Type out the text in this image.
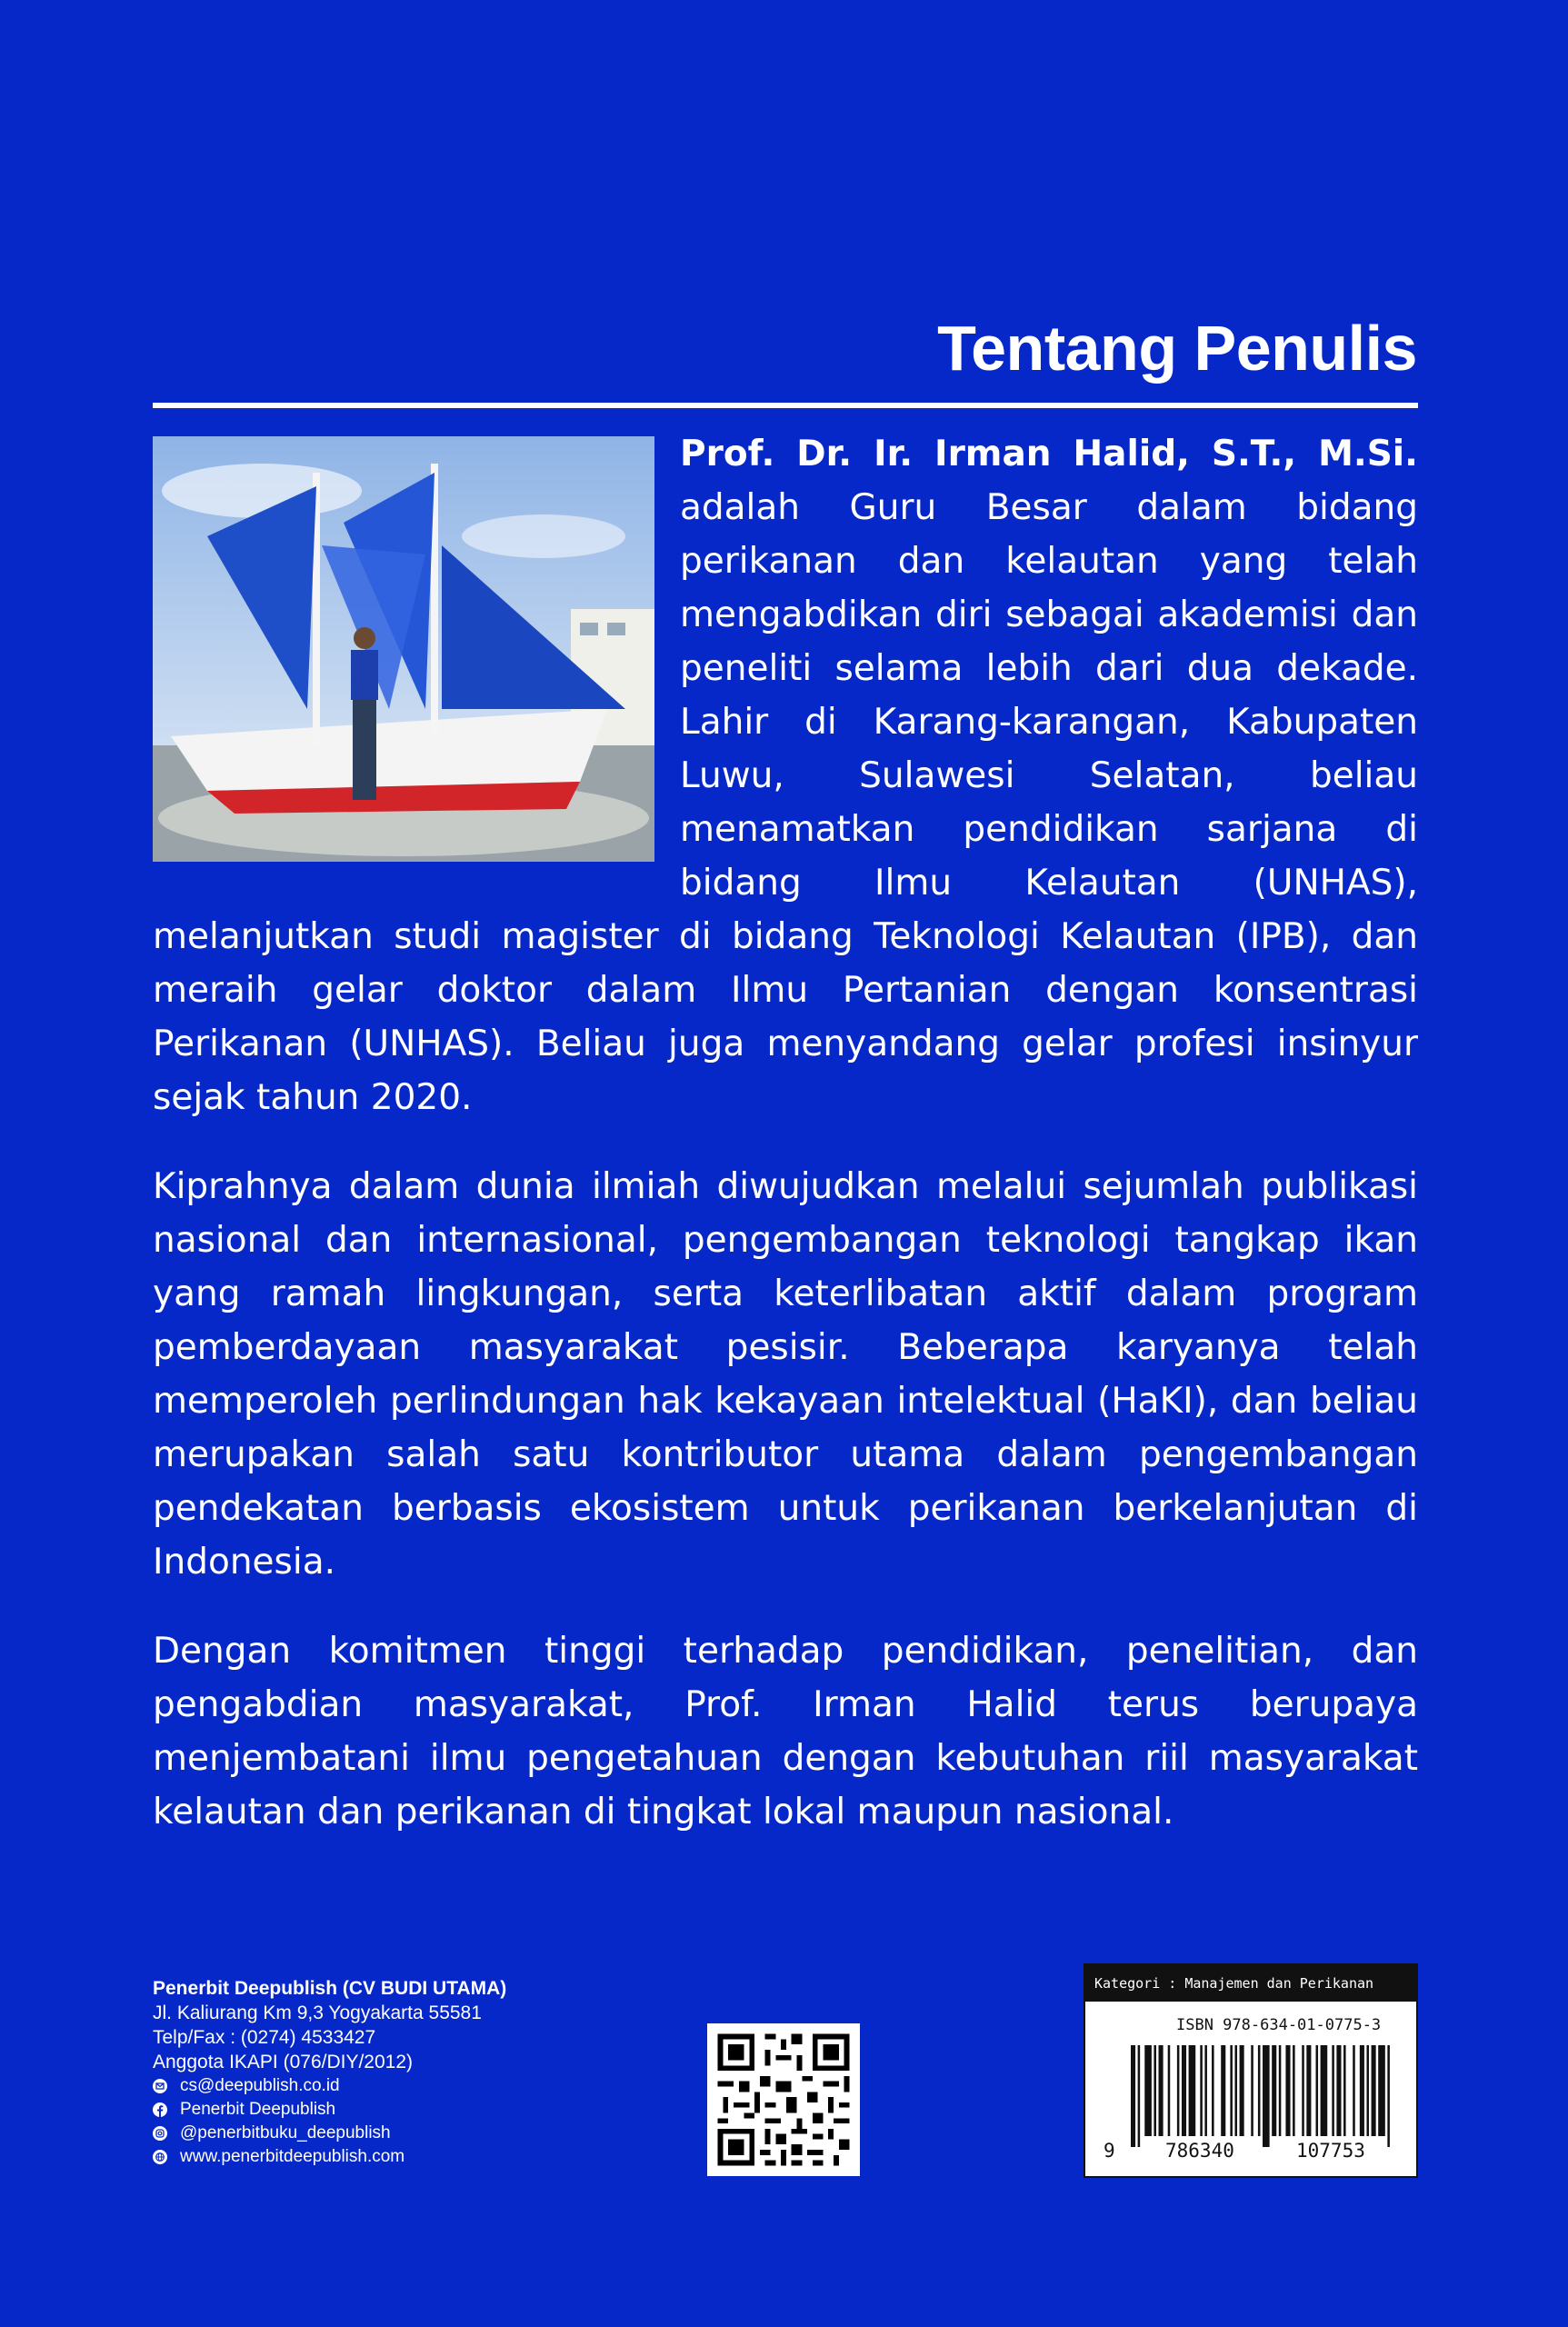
Tentang Penulis

Prof. Dr. Ir. Irman Halid, S.T., M.Si. adalah Guru Besar dalam bidang perikanan dan kelautan yang telah mengabdikan diri sebagai akademisi dan peneliti selama lebih dari dua dekade. Lahir di Karang-karangan, Kabupaten Luwu, Sulawesi Selatan, beliau menamatkan pendidikan sarjana di bidang Ilmu Kelautan (UNHAS), melanjutkan studi magister di bidang Teknologi Kelautan (IPB), dan meraih gelar doktor dalam Ilmu Pertanian dengan konsentrasi Perikanan (UNHAS). Beliau juga menyandang gelar profesi insinyur sejak tahun 2020.

Kiprahnya dalam dunia ilmiah diwujudkan melalui sejumlah publikasi nasional dan internasional, pengembangan teknologi tangkap ikan yang ramah lingkungan, serta keterlibatan aktif dalam program pemberdayaan masyarakat pesisir. Beberapa karyanya telah memperoleh perlindungan hak kekayaan intelektual (HaKI), dan beliau merupakan salah satu kontributor utama dalam pengembangan pendekatan berbasis ekosistem untuk perikanan berkelanjutan di Indonesia.

Dengan komitmen tinggi terhadap pendidikan, penelitian, dan pengabdian masyarakat, Prof. Irman Halid terus berupaya menjembatani ilmu pengetahuan dengan kebutuhan riil masyarakat kelautan dan perikanan di tingkat lokal maupun nasional.

Penerbit Deepublish (CV BUDI UTAMA)
Jl. Kaliurang Km 9,3 Yogyakarta 55581
Telp/Fax : (0274) 4533427
Anggota IKAPI (076/DIY/2012)
cs@deepublish.co.id
Penerbit Deepublish
@penerbitbuku_deepublish
www.penerbitdeepublish.com
Kategori : Manajemen dan Perikanan
ISBN 978-634-01-0775-3
9	786340	107753
